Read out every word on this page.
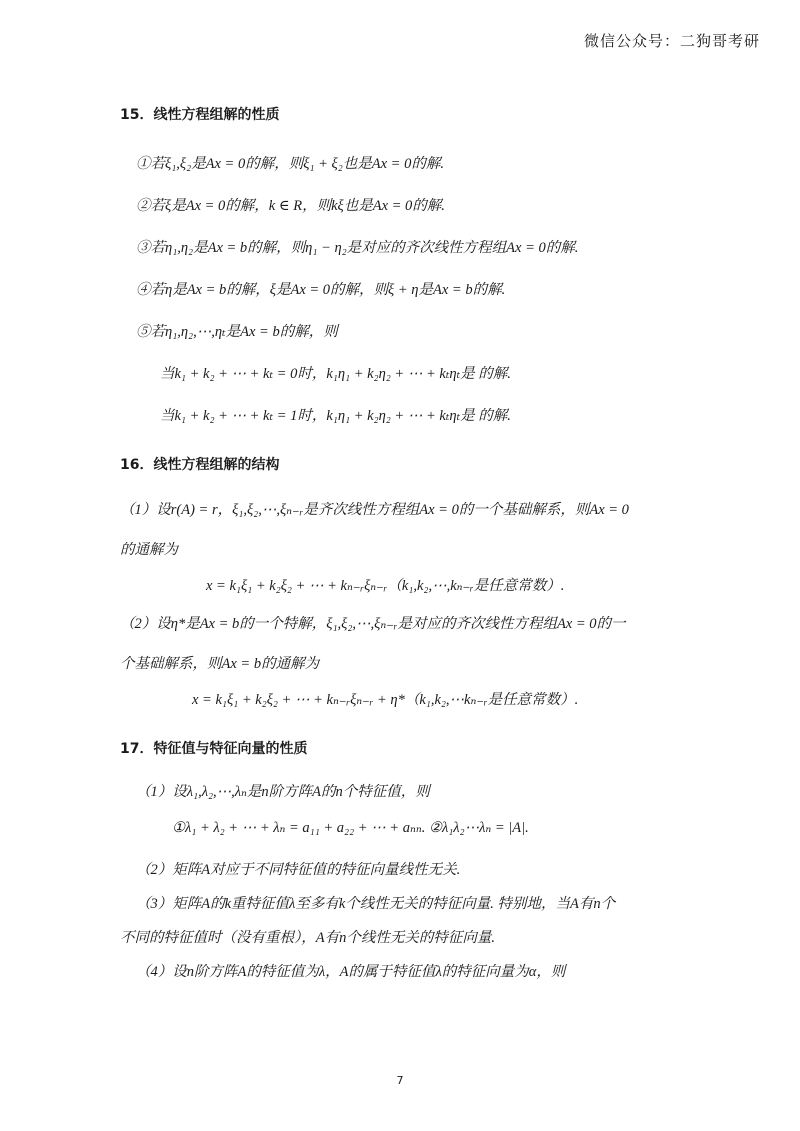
微信公众号：二狗哥考研
15．线性方程组解的性质
①若ξ₁,ξ₂是Ax = 0的解，则ξ₁ + ξ₂也是Ax = 0的解.
②若ξ是Ax = 0的解，k ∈ R，则kξ也是Ax = 0的解.
③若η₁,η₂是Ax = b的解，则η₁ − η₂是对应的齐次线性方程组Ax = 0的解.
④若η是Ax = b的解，ξ是Ax = 0的解，则ξ + η是Ax = b的解.
⑤若η₁,η₂,⋯,ηₜ是Ax = b的解，则
当k₁ + k₂ + ⋯ + kₜ = 0时，k₁η₁ + k₂η₂ + ⋯ + kₜηₜ是 的解.
当k₁ + k₂ + ⋯ + kₜ = 1时，k₁η₁ + k₂η₂ + ⋯ + kₜηₜ是 的解.
16．线性方程组解的结构
（1）设r(A) = r，ξ₁,ξ₂,⋯,ξₙ₋ᵣ是齐次线性方程组Ax = 0的一个基础解系，则Ax = 0
的通解为
x = k₁ξ₁ + k₂ξ₂ + ⋯ + kₙ₋ᵣξₙ₋ᵣ（k₁,k₂,⋯,kₙ₋ᵣ是任意常数）.
（2）设η*是Ax = b的一个特解，ξ₁,ξ₂,⋯,ξₙ₋ᵣ是对应的齐次线性方程组Ax = 0的一
个基础解系，则Ax = b的通解为
x = k₁ξ₁ + k₂ξ₂ + ⋯ + kₙ₋ᵣξₙ₋ᵣ + η*（k₁,k₂,⋯kₙ₋ᵣ是任意常数）.
17．特征值与特征向量的性质
（1）设λ₁,λ₂,⋯,λₙ是n阶方阵A的n个特征值，则
①λ₁ + λ₂ + ⋯ + λₙ = a₁₁ + a₂₂ + ⋯ + aₙₙ. ②λ₁λ₂⋯λₙ = |A|.
（2）矩阵A对应于不同特征值的特征向量线性无关.
（3）矩阵A的k重特征值λ至多有k个线性无关的特征向量. 特别地，当A有n个
不同的特征值时（没有重根），A有n个线性无关的特征向量.
（4）设n阶方阵A的特征值为λ，A的属于特征值λ的特征向量为α，则
7
